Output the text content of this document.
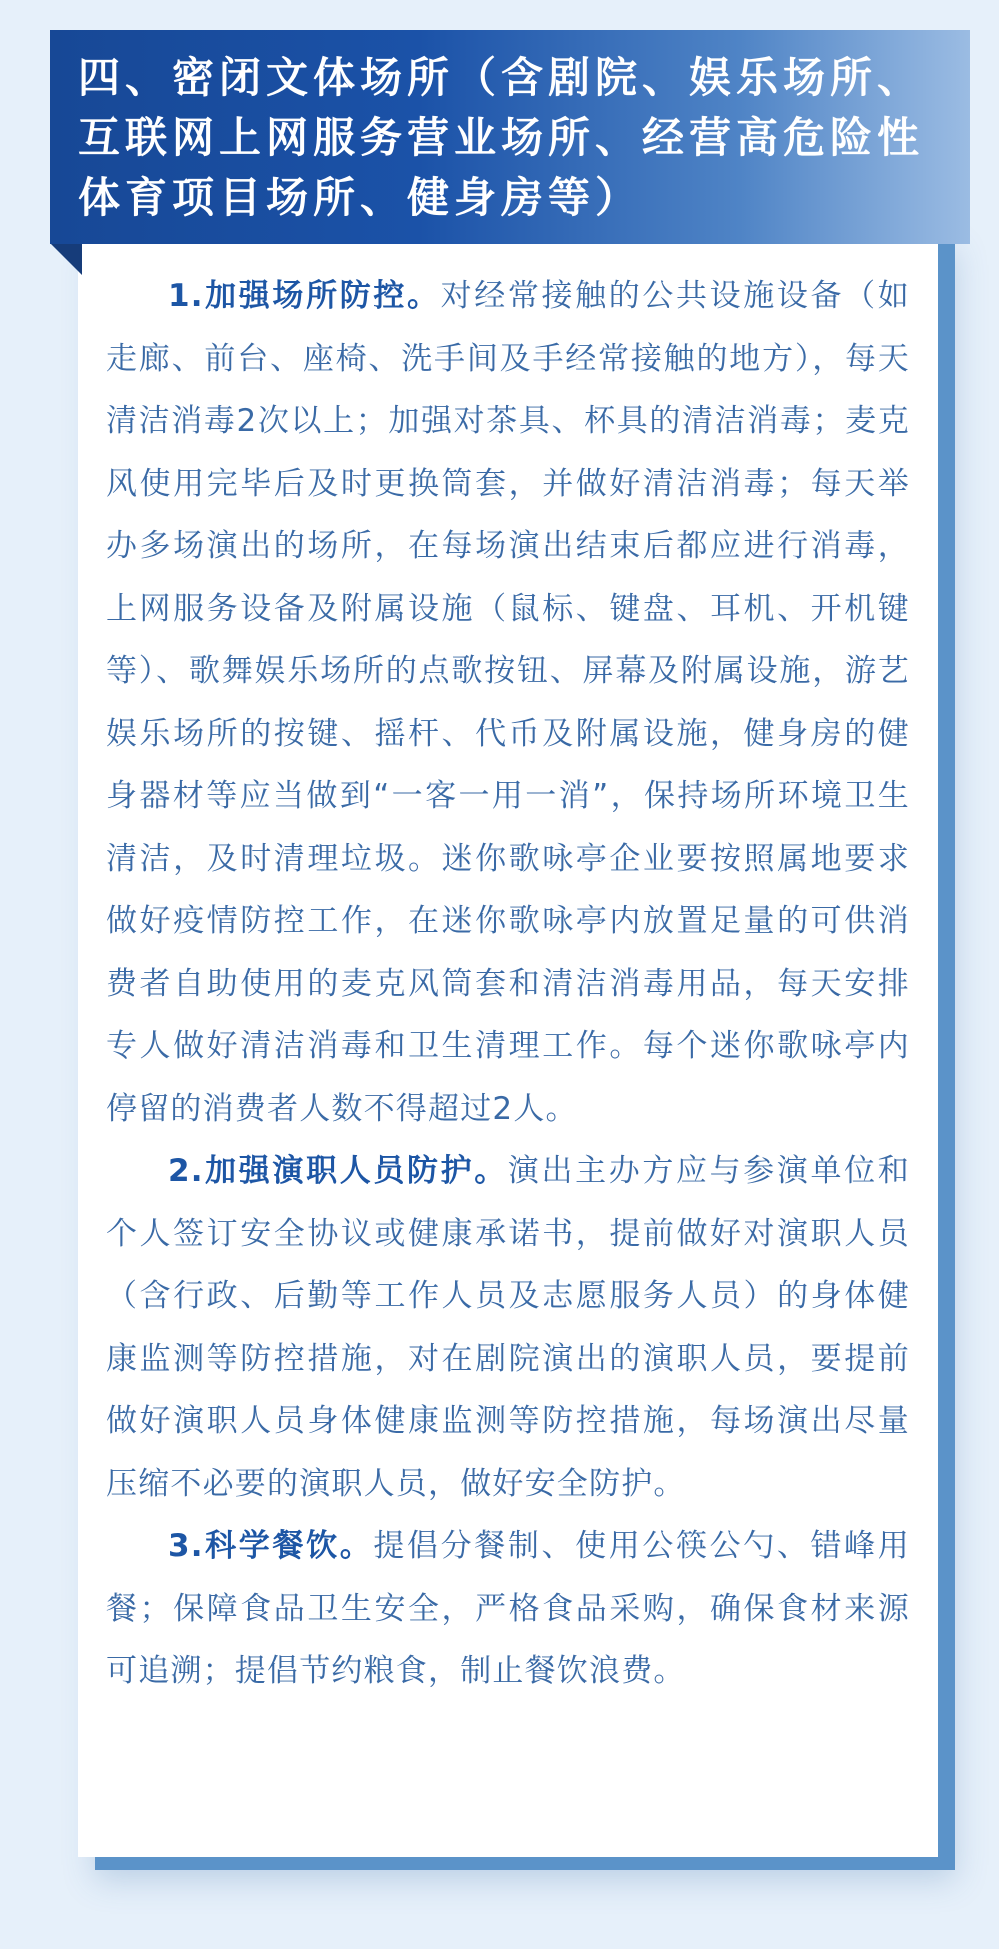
四、密闭文体场所（含剧院、娱乐场所、互联网上网服务营业场所、经营高危险性体育项目场所、健身房等）

1.加强场所防控。对经常接触的公共设施设备（如走廊、前台、座椅、洗手间及手经常接触的地方），每天清洁消毒2次以上；加强对茶具、杯具的清洁消毒；麦克风使用完毕后及时更换筒套，并做好清洁消毒；每天举办多场演出的场所，在每场演出结束后都应进行消毒，上网服务设备及附属设施（鼠标、键盘、耳机、开机键等）、歌舞娱乐场所的点歌按钮、屏幕及附属设施，游艺娱乐场所的按键、摇杆、代币及附属设施，健身房的健身器材等应当做到“一客一用一消”，保持场所环境卫生清洁，及时清理垃圾。迷你歌咏亭企业要按照属地要求做好疫情防控工作，在迷你歌咏亭内放置足量的可供消费者自助使用的麦克风筒套和清洁消毒用品，每天安排专人做好清洁消毒和卫生清理工作。每个迷你歌咏亭内停留的消费者人数不得超过2人。

2.加强演职人员防护。演出主办方应与参演单位和个人签订安全协议或健康承诺书，提前做好对演职人员（含行政、后勤等工作人员及志愿服务人员）的身体健康监测等防控措施，对在剧院演出的演职人员，要提前做好演职人员身体健康监测等防控措施，每场演出尽量压缩不必要的演职人员，做好安全防护。

3.科学餐饮。提倡分餐制、使用公筷公勺、错峰用餐；保障食品卫生安全，严格食品采购，确保食材来源可追溯；提倡节约粮食，制止餐饮浪费。
